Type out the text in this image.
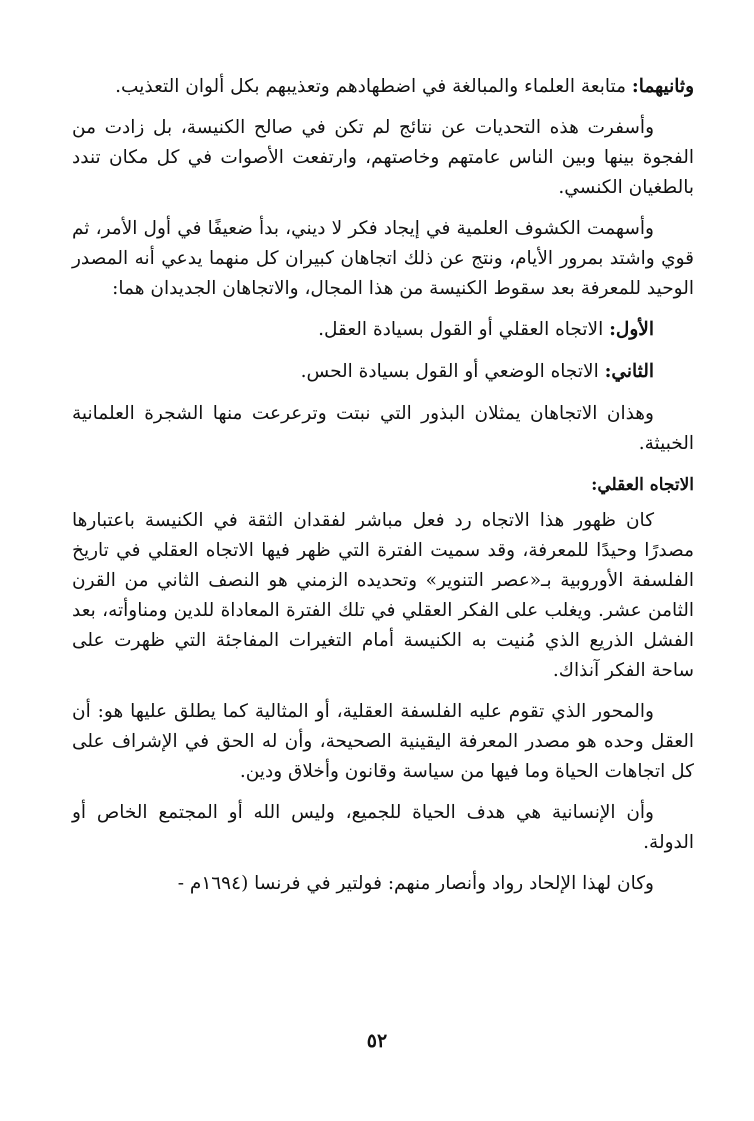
وثانيهما: متابعة العلماء والمبالغة في اضطهادهم وتعذيبهم بكل ألوان التعذيب.

وأسفرت هذه التحديات عن نتائج لم تكن في صالح الكنيسة، بل زادت من الفجوة بينها وبين الناس عامتهم وخاصتهم، وارتفعت الأصوات في كل مكان تندد بالطغيان الكنسي.

وأسهمت الكشوف العلمية في إيجاد فكر لا ديني، بدأ ضعيفًا في أول الأمر، ثم قوي واشتد بمرور الأيام، ونتج عن ذلك اتجاهان كبيران كل منهما يدعي أنه المصدر الوحيد للمعرفة بعد سقوط الكنيسة من هذا المجال، والاتجاهان الجديدان هما:

الأول: الاتجاه العقلي أو القول بسيادة العقل.

الثاني: الاتجاه الوضعي أو القول بسيادة الحس.

وهذان الاتجاهان يمثلان البذور التي نبتت وترعرعت منها الشجرة العلمانية الخبيثة.

الاتجاه العقلي:

كان ظهور هذا الاتجاه رد فعل مباشر لفقدان الثقة في الكنيسة باعتبارها مصدرًا وحيدًا للمعرفة، وقد سميت الفترة التي ظهر فيها الاتجاه العقلي في تاريخ الفلسفة الأوروبية بـ«عصر التنوير» وتحديده الزمني هو النصف الثاني من القرن الثامن عشر. ويغلب على الفكر العقلي في تلك الفترة المعاداة للدين ومناوأته، بعد الفشل الذريع الذي مُنيت به الكنيسة أمام التغيرات المفاجئة التي ظهرت على ساحة الفكر آنذاك.

والمحور الذي تقوم عليه الفلسفة العقلية، أو المثالية كما يطلق عليها هو: أن العقل وحده هو مصدر المعرفة اليقينية الصحيحة، وأن له الحق في الإشراف على كل اتجاهات الحياة وما فيها من سياسة وقانون وأخلاق ودين.

وأن الإنسانية هي هدف الحياة للجميع، وليس الله أو المجتمع الخاص أو الدولة.

وكان لهذا الإلحاد رواد وأنصار منهم: فولتير في فرنسا (١٦٩٤م -

٥٢
